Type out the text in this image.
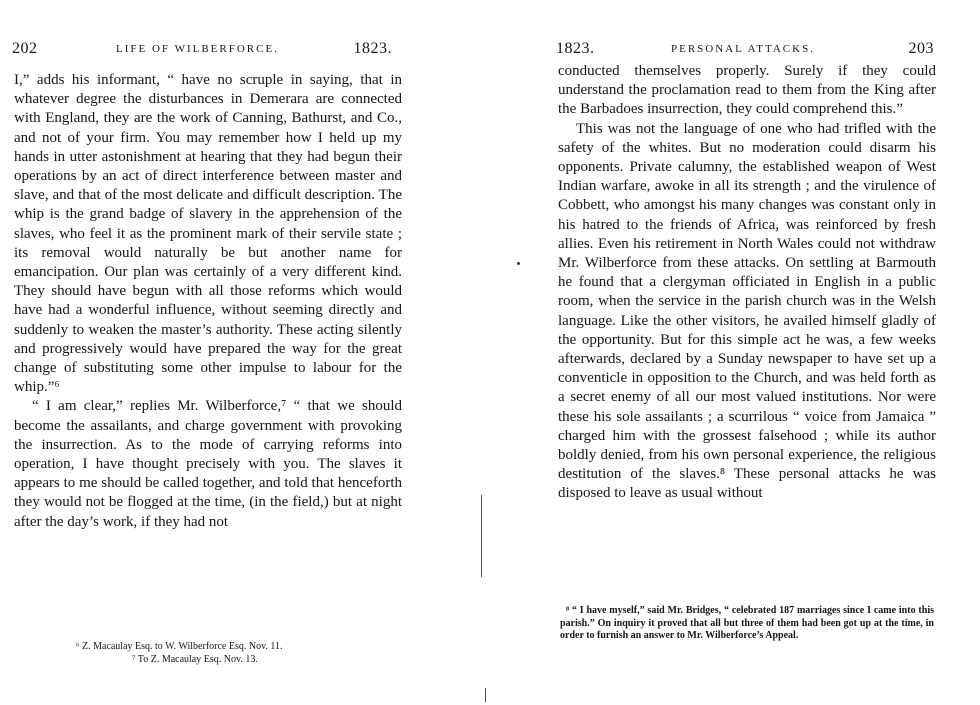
202	LIFE OF WILBERFORCE.	1823.

I,” adds his informant, “ have no scruple in saying, that in whatever degree the disturbances in Demerara are connected with England, they are the work of Canning, Bathurst, and Co., and not of your firm. You may remember how I held up my hands in utter astonishment at hearing that they had begun their operations by an act of direct interference between master and slave, and that of the most delicate and difficult description. The whip is the grand badge of slavery in the apprehension of the slaves, who feel it as the prominent mark of their servile state ; its removal would naturally be but another name for emancipation. Our plan was certainly of a very different kind. They should have begun with all those reforms which would have had a wonderful influence, without seeming directly and suddenly to weaken the master’s authority. These acting silently and progressively would have prepared the way for the great change of substituting some other impulse to labour for the whip.”⁶

“ I am clear,” replies Mr. Wilberforce,⁷ “ that we should become the assailants, and charge government with provoking the insurrection. As to the mode of carrying reforms into operation, I have thought precisely with you. The slaves it appears to me should be called together, and told that henceforth they would not be flogged at the time, (in the field,) but at night after the day’s work, if they had not

⁶ Z. Macaulay Esq. to W. Wilberforce Esq. Nov. 11.

⁷ To Z. Macaulay Esq. Nov. 13.

1823.	PERSONAL ATTACKS.	203

conducted themselves properly. Surely if they could understand the proclamation read to them from the King after the Barbadoes insurrection, they could comprehend this.”

This was not the language of one who had trifled with the safety of the whites. But no moderation could disarm his opponents. Private calumny, the established weapon of West Indian warfare, awoke in all its strength ; and the virulence of Cobbett, who amongst his many changes was constant only in his hatred to the friends of Africa, was reinforced by fresh allies. Even his retirement in North Wales could not withdraw Mr. Wilberforce from these attacks. On settling at Barmouth he found that a clergyman officiated in English in a public room, when the service in the parish church was in the Welsh language. Like the other visitors, he availed himself gladly of the opportunity. But for this simple act he was, a few weeks afterwards, declared by a Sunday newspaper to have set up a conventicle in opposition to the Church, and was held forth as a secret enemy of all our most valued institutions. Nor were these his sole assailants ; a scurrilous “ voice from Jamaica ” charged him with the grossest falsehood ; while its author boldly denied, from his own personal experience, the religious destitution of the slaves.⁸ These personal attacks he was disposed to leave as usual without

⁸ “ I have myself,” said Mr. Bridges, “ celebrated 187 marriages since I came into this parish.” On inquiry it proved that all but three of them had been got up at the time, in order to furnish an answer to Mr. Wilberforce’s Appeal.
